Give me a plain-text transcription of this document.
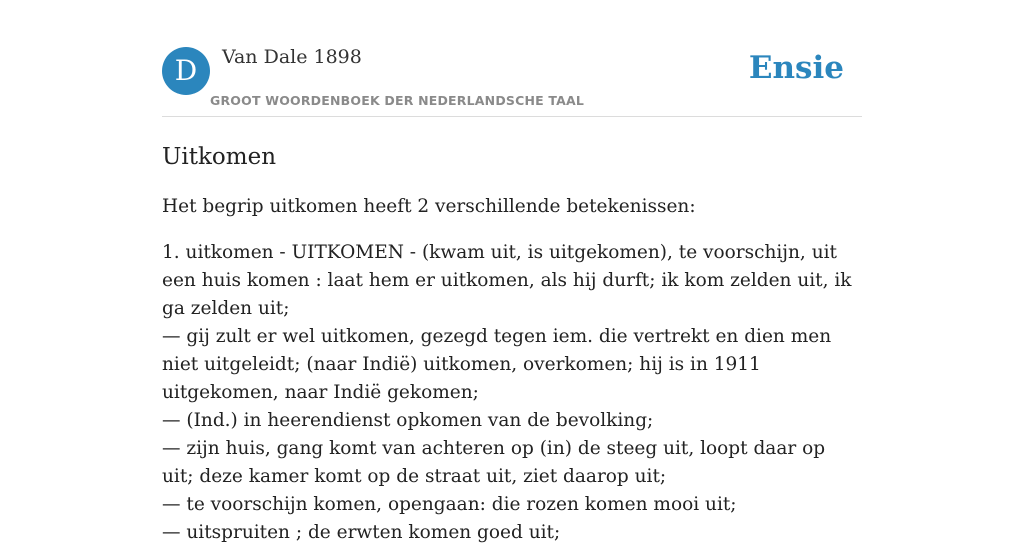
D	Van Dale 1898
GROOT WOORDENBOEK DER NEDERLANDSCHE TAAL
Ensie
Uitkomen

Het begrip uitkomen heeft 2 verschillende betekenissen:

1. uitkomen - UITKOMEN - (kwam uit, is uitgekomen), te voorschijn, uit een huis komen : laat hem er uitkomen, als hij durft; ik kom zelden uit, ik ga zelden uit;
— gij zult er wel uitkomen, gezegd tegen iem. die vertrekt en dien men niet uitgeleidt; (naar Indië) uitkomen, overkomen; hij is in 1911 uitgekomen, naar Indië gekomen;
— (Ind.) in heerendienst opkomen van de bevolking;
— zijn huis, gang komt van achteren op (in) de steeg uit, loopt daar op uit; deze kamer komt op de straat uit, ziet daarop uit;
— te voorschijn komen, opengaan: die rozen komen mooi uit;
— uitspruiten ; de erwten komen goed uit;
